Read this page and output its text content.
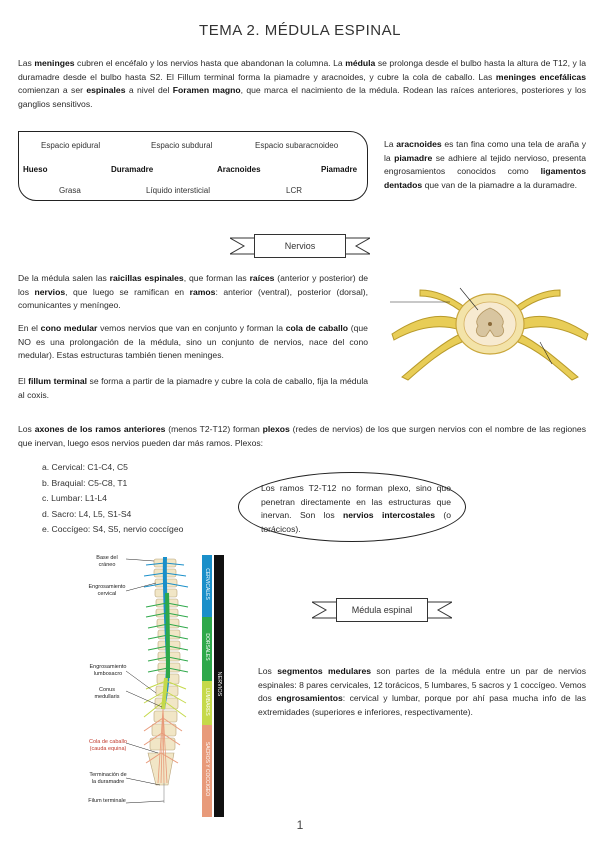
TEMA 2. MÉDULA ESPINAL

Las meninges cubren el encéfalo y los nervios hasta que abandonan la columna. La médula se prolonga desde el bulbo hasta la altura de T12, y la duramadre desde el bulbo hasta S2. El Fillum terminal forma la piamadre y aracnoides, y cubre la cola de caballo. Las meninges encefálicas comienzan a ser espinales a nivel del Foramen magno, que marca el nacimiento de la médula. Rodean las raíces anteriores, posteriores y los ganglios sensitivos.

Espacio epidural	Espacio subdural	Espacio subaracnoideo
Hueso	Duramadre	Aracnoides	Piamadre
Grasa	Líquido intersticial	LCR

La aracnoides es tan fina como una tela de araña y la piamadre se adhiere al tejido nervioso, presenta engrosamientos conocidos como ligamentos dentados que van de la piamadre a la duramadre.

Nervios

De la médula salen las raicillas espinales, que forman las raíces (anterior y posterior) de los nervios, que luego se ramifican en ramos: anterior (ventral), posterior (dorsal), comunicantes y meníngeo.

En el cono medular vemos nervios que van en conjunto y forman la cola de caballo (que NO es una prolongación de la médula, sino un conjunto de nervios, nace del cono medular). Estas estructuras también tienen meninges.

El fillum terminal se forma a partir de la piamadre y cubre la cola de caballo, fija la médula al coxis.

Los axones de los ramos anteriores (menos T2-T12) forman plexos (redes de nervios) de los que surgen nervios con el nombre de las regiones que inervan, luego esos nervios pueden dar más ramos. Plexos:

a. Cervical: C1-C4, C5
b. Braquial: C5-C8, T1
c. Lumbar: L1-L4
d. Sacro: L4, L5, S1-S4
e. Coccígeo: S4, S5, nervio coccígeo

Los ramos T2-T12 no forman plexo, sino que penetran directamente en las estructuras que inervan. Son los nervios intercostales (o torácicos).

Base del cráneo
Engrosamiento cervical
Engrosamiento lumbosacro
Conus medullaris
Cola de caballo (cauda equina)
Terminación de la duramadre
Filum terminale
CERVICALES
DORSALES
LUMBARES
SACROS Y COCCIGEO
NERVIOS
Médula espinal

Los segmentos medulares son partes de la médula entre un par de nervios espinales: 8 pares cervicales, 12 torácicos, 5 lumbares, 5 sacros y 1 coccígeo. Vemos dos engrosamientos: cervical y lumbar, porque por ahí pasa mucha info de las extremidades (superiores e inferiores, respectivamente).

1
